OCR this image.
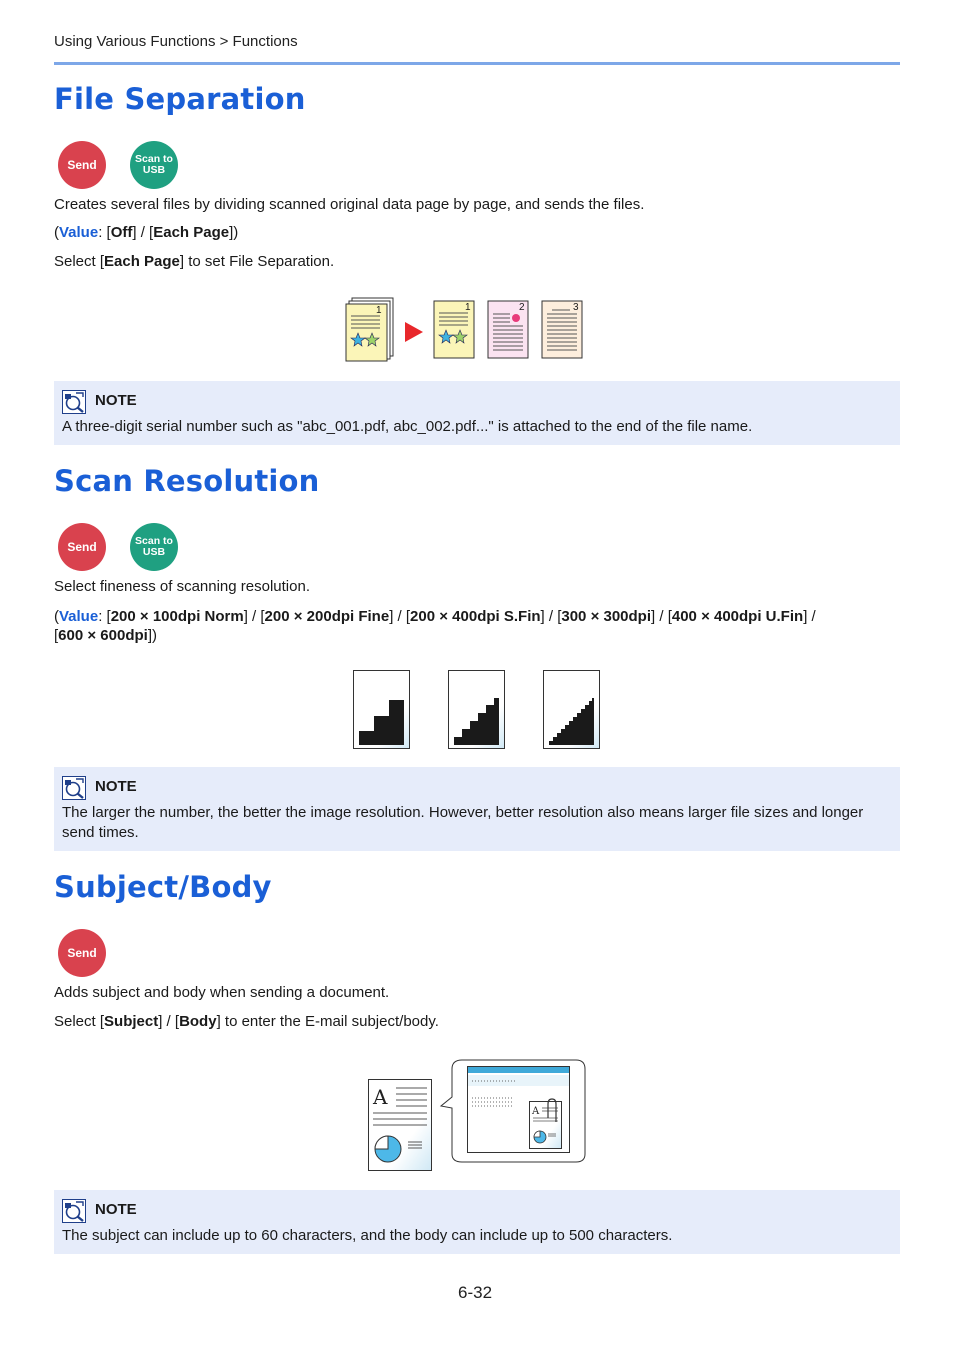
Using Various Functions > Functions
File Separation
Send	Scan to USB
Creates several files by dividing scanned original data page by page, and sends the files.
(Value: [Off] / [Each Page])
Select [Each Page] to set File Separation.
1	1	2	3
NOTE
A three-digit serial number such as "abc_001.pdf, abc_002.pdf..." is attached to the end of the file name.
Scan Resolution
Send	Scan to USB
Select fineness of scanning resolution.
(Value: [200 × 100dpi Norm] / [200 × 200dpi Fine] / [200 × 400dpi S.Fin] / [300 × 300dpi] / [400 × 400dpi U.Fin] /
[600 × 600dpi])
NOTE
The larger the number, the better the image resolution. However, better resolution also means larger file sizes and longer send times.
Subject/Body
Send
Adds subject and body when sending a document.
Select [Subject] / [Body] to enter the E-mail subject/body.
A
A
NOTE
The subject can include up to 60 characters, and the body can include up to 500 characters.
6-32
